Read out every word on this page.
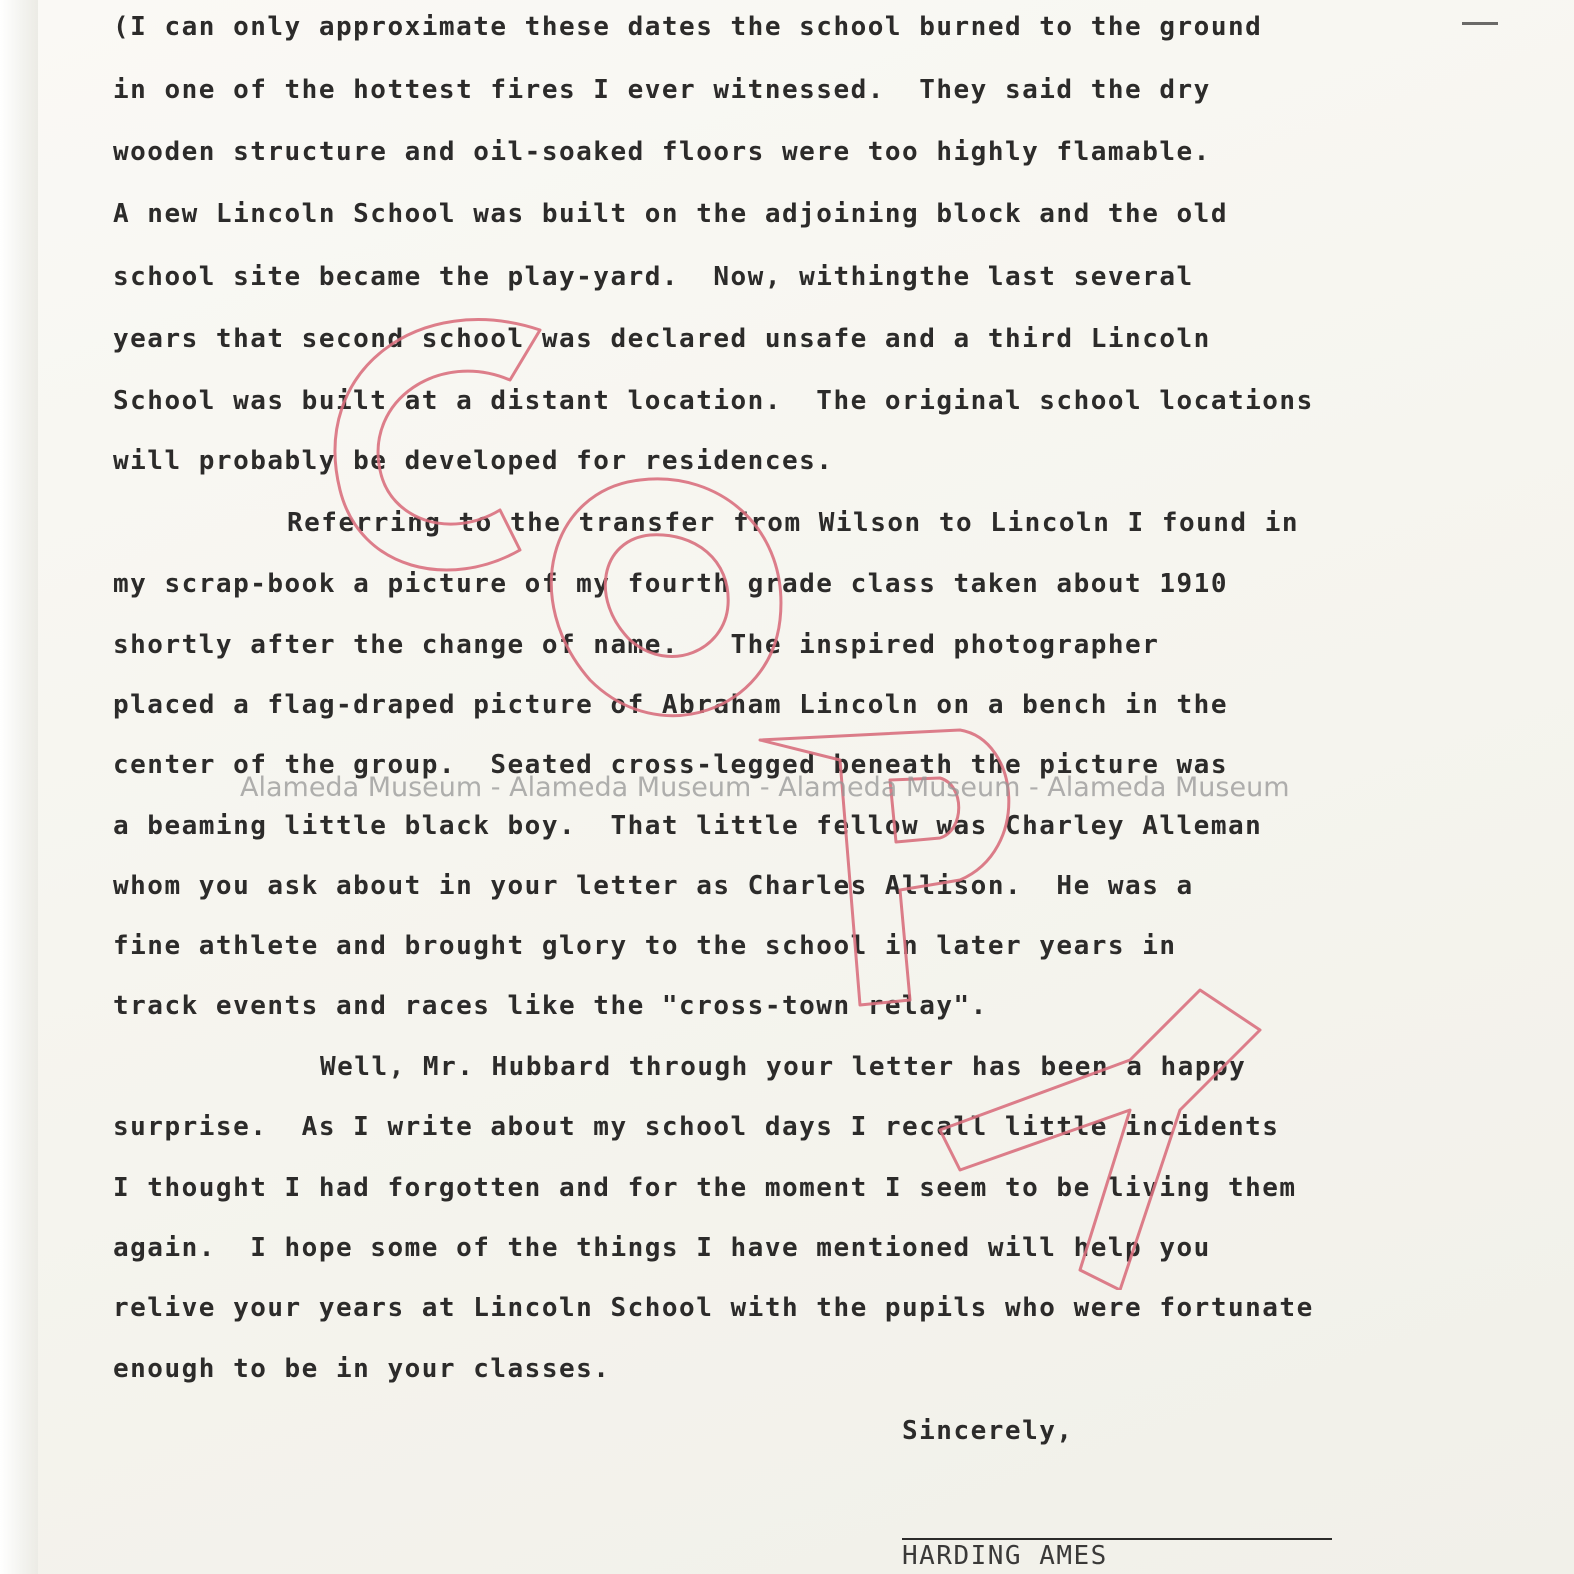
(I can only approximate these dates the school burned to the ground
in one of the hottest fires I ever witnessed.  They said the dry
wooden structure and oil-soaked floors were too highly flamable.
A new Lincoln School was built on the adjoining block and the old
school site became the play-yard.  Now, withingthe last several
years that second school was declared unsafe and a third Lincoln
School was built at a distant location.  The original school locations
will probably be developed for residences.
Referring to the transfer from Wilson to Lincoln I found in
my scrap-book a picture of my fourth grade class taken about 1910
shortly after the change of name.   The inspired photographer
placed a flag-draped picture of Abraham Lincoln on a bench in the
center of the group.  Seated cross-legged beneath the picture was
a beaming little black boy.  That little fellow was Charley Alleman
whom you ask about in your letter as Charles Allison.  He was a
fine athlete and brought glory to the school in later years in
track events and races like the "cross-town relay".
Well, Mr. Hubbard through your letter has been a happy
surprise.  As I write about my school days I recall little incidents
I thought I had forgotten and for the moment I seem to be living them
again.  I hope some of the things I have mentioned will help you
relive your years at Lincoln School with the pupils who were fortunate
enough to be in your classes.
Sincerely,
Alameda Museum - Alameda Museum - Alameda Museum - Alameda Museum
HARDING AMES
